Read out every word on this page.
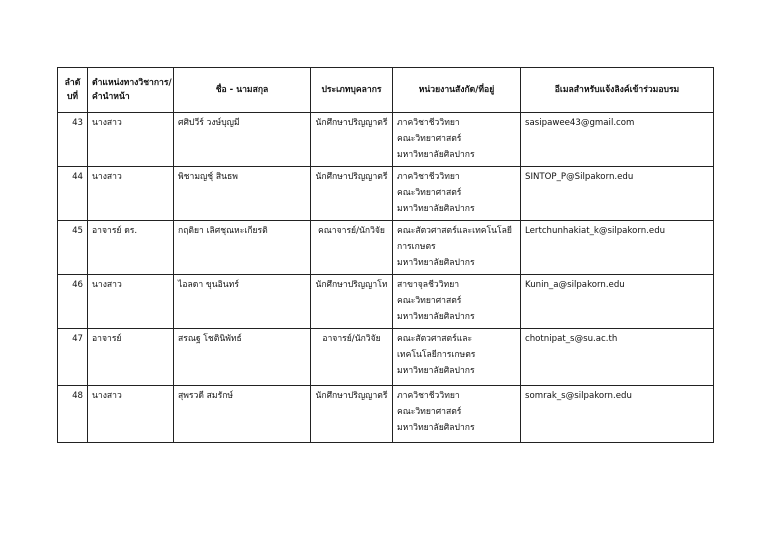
ลำดับที่	ตำแหน่งทางวิชาการ/
คำนำหน้า	ชื่อ - นามสกุล	ประเภทบุคลากร	หน่วยงานสังกัด/ที่อยู่	อีเมลสำหรับแจ้งลิงค์เข้าร่วมอบรม
43	นางสาว	ศศิปวีร์ วงษ์บุญมี	นักศึกษาปริญญาตรี	ภาควิชาชีววิทยา
คณะวิทยาศาสตร์
มหาวิทยาลัยศิลปากร	sasipawee43@gmail.com
44	นางสาว	พิชามญชุ์ สินธพ	นักศึกษาปริญญาตรี	ภาควิชาชีววิทยา
คณะวิทยาศาสตร์
มหาวิทยาลัยศิลปากร	SINTOP_P@Silpakorn.edu
45	อาจารย์ ดร.	กฤติยา เลิศชุณหะเกียรติ	คณาจารย์/นักวิจัย	คณะสัตวศาสตร์และเทคโนโลยี
การเกษตร
มหาวิทยาลัยศิลปากร	Lertchunhakiat_k@silpakorn.edu
46	นางสาว	ไอลดา ขุนอินทร์	นักศึกษาปริญญาโท	สาขาจุลชีววิทยา
คณะวิทยาศาสตร์
มหาวิทยาลัยศิลปากร	Kunin_a@silpakorn.edu
47	อาจารย์	สรณฐ โชตินิพัทธ์	อาจารย์/นักวิจัย	คณะสัตวศาสตร์และ
เทคโนโลยีการเกษตร
มหาวิทยาลัยศิลปากร	chotnipat_s@su.ac.th
48	นางสาว	สุพรวดี สมรักษ์	นักศึกษาปริญญาตรี	ภาควิชาชีววิทยา
คณะวิทยาศาสตร์
มหาวิทยาลัยศิลปากร	somrak_s@silpakorn.edu
